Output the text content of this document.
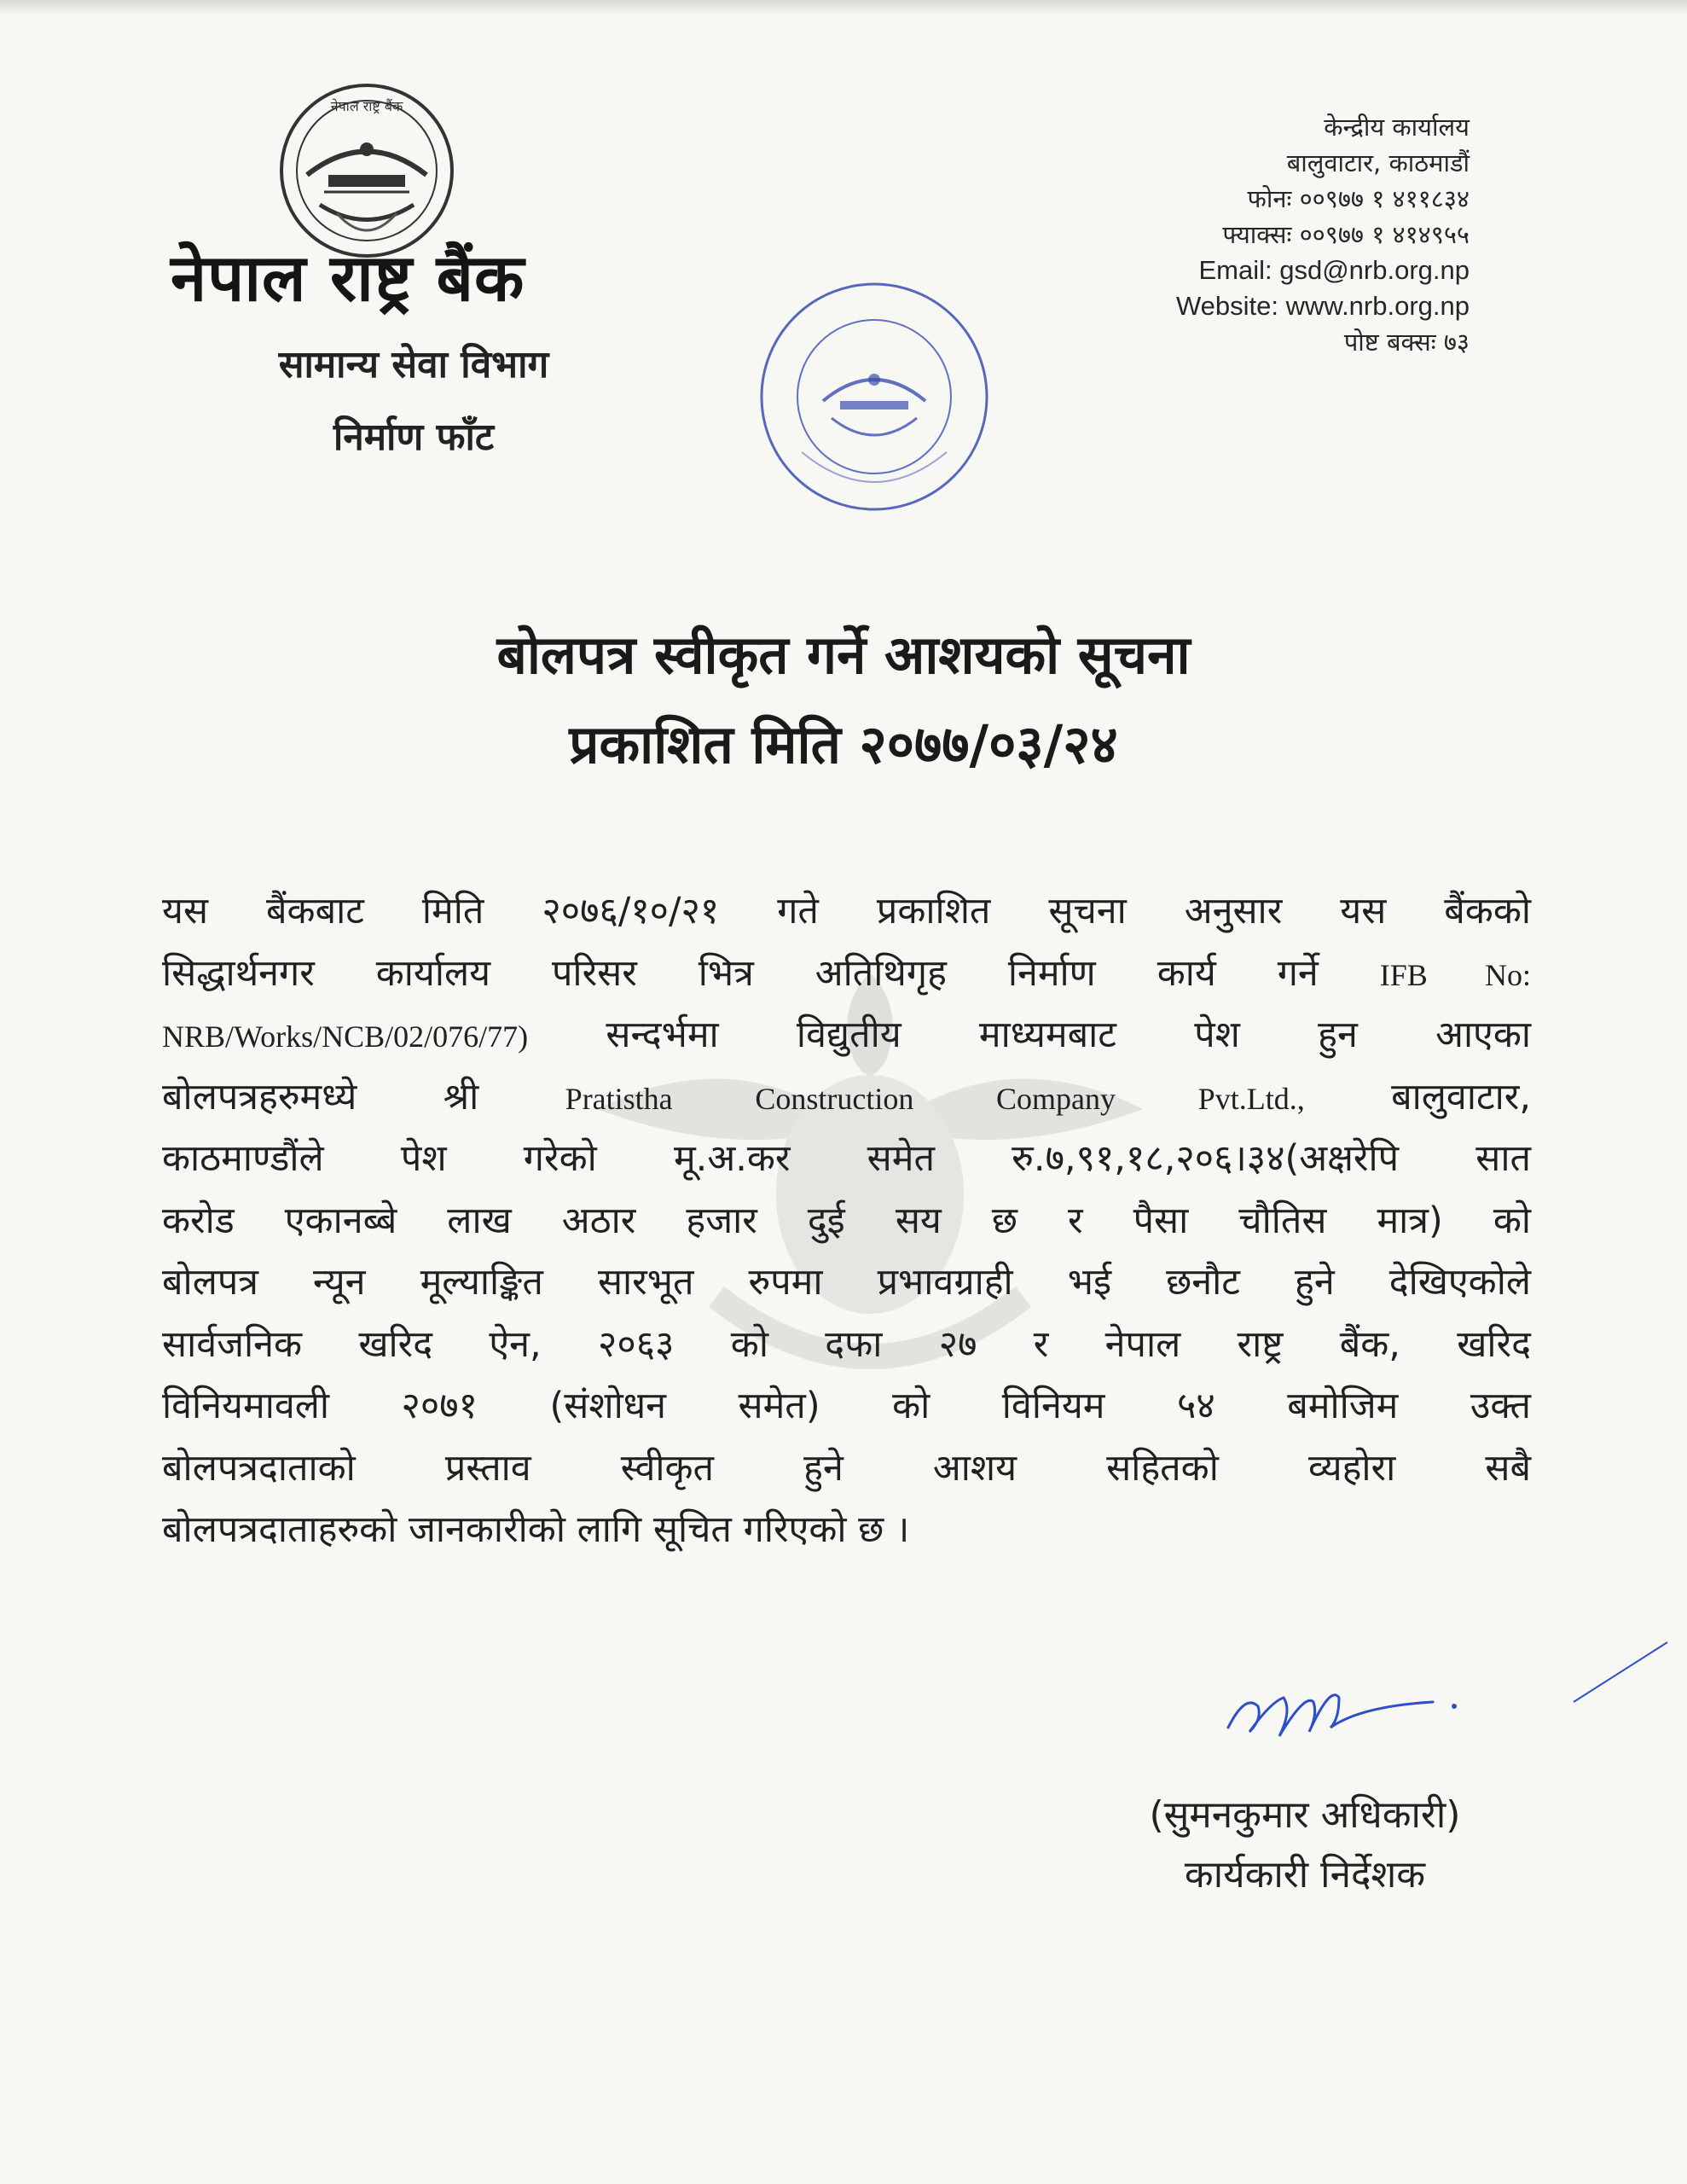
नेपाल राष्ट्र बैंक
नेपाल राष्ट्र बैंक
सामान्य सेवा विभाग
निर्माण फाँट
केन्द्रीय कार्यालय
बालुवाटार, काठमाडौं
फोनः ००९७७ १ ४११८३४
फ्याक्सः ००९७७ १ ४१४९५५
Email: gsd@nrb.org.np
Website: www.nrb.org.np
पोष्ट बक्सः ७३
बोलपत्र स्वीकृत गर्ने आशयको सूचना
प्रकाशित मिति २०७७/०३/२४
यस बैंकबाट मिति २०७६/१०/२१ गते प्रकाशित सूचना अनुसार यस बैंकको
सिद्धार्थनगर कार्यालय परिसर भित्र अतिथिगृह निर्माण कार्य गर्ने IFB No:
NRB/Works/NCB/02/076/77) सन्दर्भमा विद्युतीय माध्यमबाट पेश हुन आएका
बोलपत्रहरुमध्ये श्री	Pratistha Construction Company Pvt.Ltd., बालुवाटार,
काठमाण्डौंले पेश गरेको मू.अ.कर समेत रु.७,९१,१८,२०६।३४(अक्षरेपि सात
करोड एकानब्बे लाख अठार हजार दुई सय छ र पैसा चौतिस मात्र) को
बोलपत्र न्यून मूल्याङ्कित सारभूत रुपमा प्रभावग्राही भई छनौट हुने देखिएकोले
सार्वजनिक खरिद ऐन, २०६३ को दफा २७ र नेपाल राष्ट्र बैंक, खरिद
विनियमावली २०७१ (संशोधन समेत) को विनियम ५४ बमोजिम उक्त
बोलपत्रदाताको प्रस्ताव स्वीकृत हुने आशय सहितको व्यहोरा सबै
बोलपत्रदाताहरुको जानकारीको लागि सूचित गरिएको छ ।
(सुमनकुमार अधिकारी)
कार्यकारी निर्देशक
